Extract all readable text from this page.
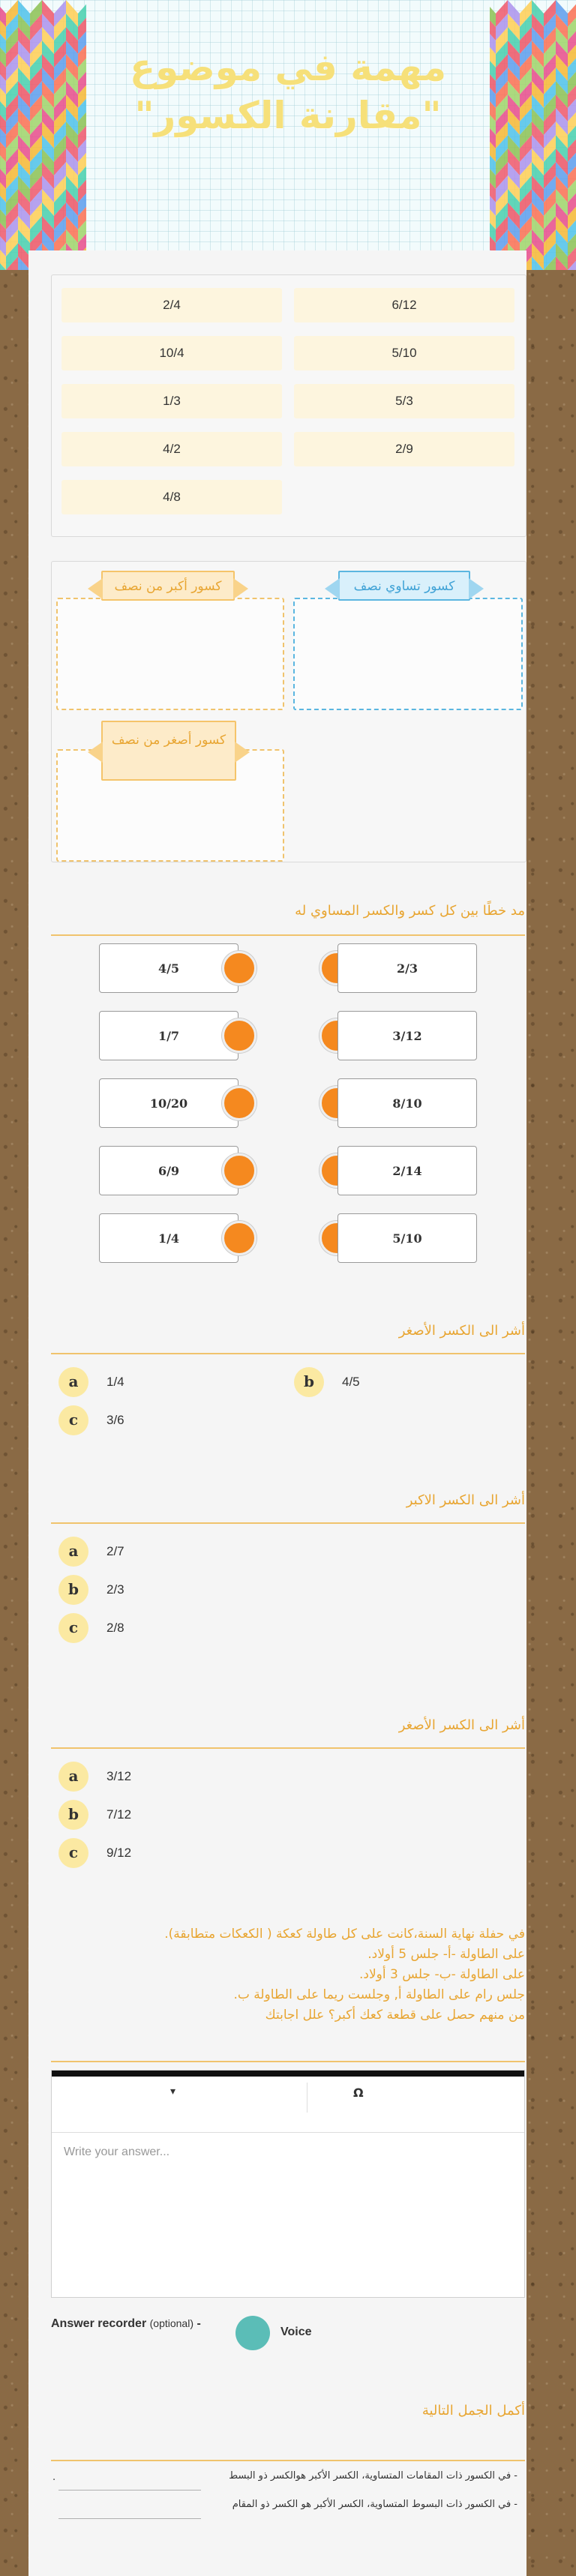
مهمة في موضوع "مقارنة الكسور"
2/4	6/12
10/4	5/10
1/3	5/3
4/2	2/9
4/8
كسور أكبر من نصف	كسور تساوي نصف
كسور أصغر من نصف
مد خطًا بين كل كسر والكسر المساوي له
4/5	2/3
1/7	3/12
10/20	8/10
6/9	2/14
1/4	5/10
أشر الى الكسر الأصغر
a	1/4	b	4/5
c	3/6
أشر الى الكسر الاكبر
a	2/7
b	2/3
c	2/8
أشر الى الكسر الأصغر
a	3/12
b	7/12
c	9/12
في حفلة نهاية السنة،كانت على كل طاولة كعكة ( الكعكات متطابقة).
على الطاولة -أ- جلس 5 أولاد.
على الطاولة -ب- جلس 3 أولاد.
جلس رام على الطاولة أ, وجلست ريما على الطاولة ب.
من منهم حصل على قطعة كعك أكبر؟ علل اجابتك
▾	Ω
Write your answer...
Answer recorder (optional) -
Voice
أكمل الجمل التالية
.	- في الكسور ذات المقامات المتساوية، الكسر الأكبر هوالكسر ذو البسط
- في الكسور ذات البسوط المتساوية، الكسر الأكبر هو الكسر ذو المقام
